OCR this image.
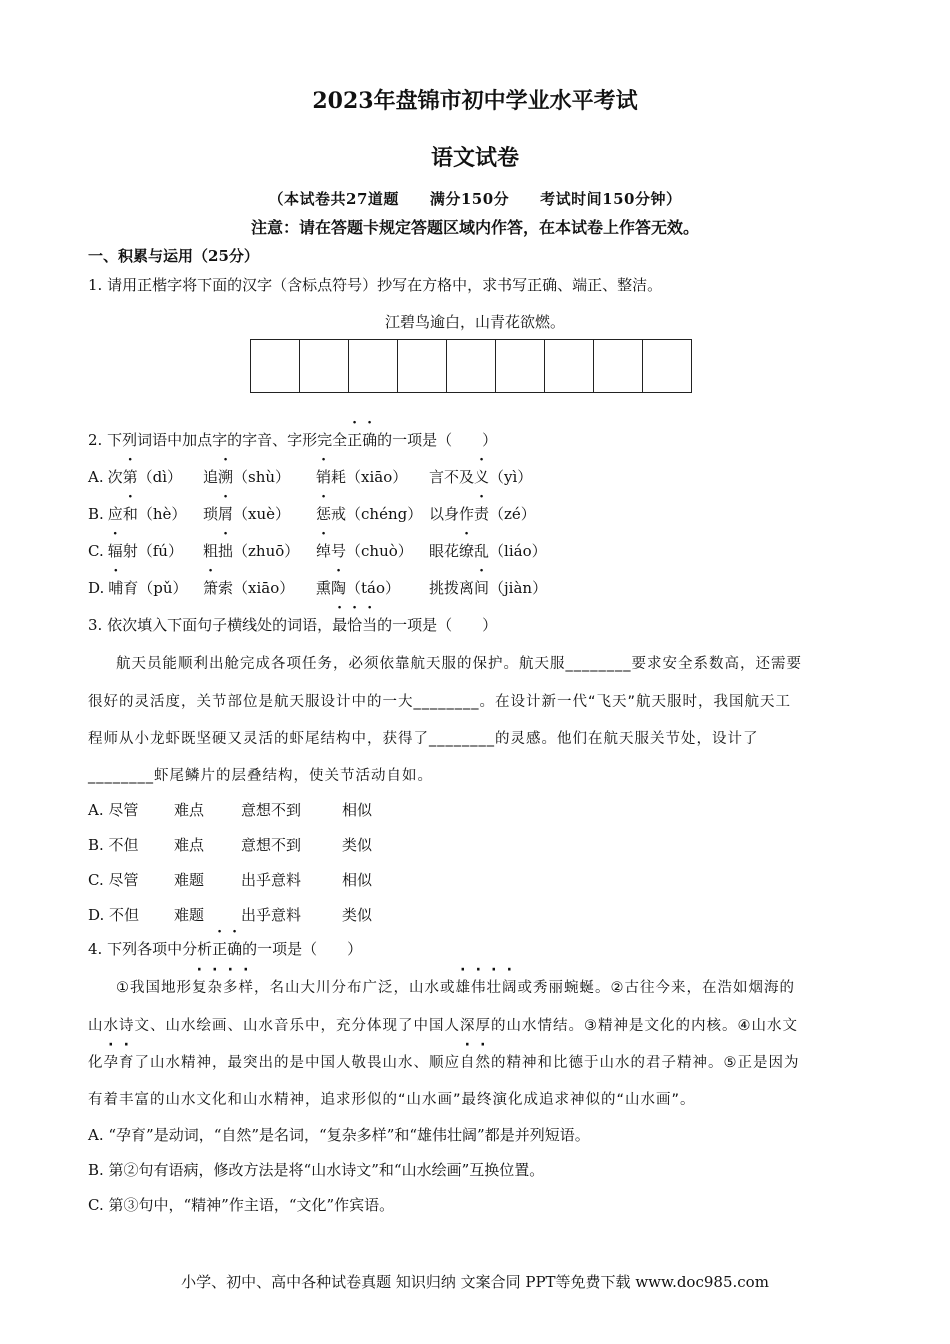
2023年盘锦市初中学业水平考试
语文试卷
（本试卷共27道题　　满分150分　　考试时间150分钟）
注意：请在答题卡规定答题区域内作答，在本试卷上作答无效。
一、积累与运用（25分）
1. 请用正楷字将下面的汉字（含标点符号）抄写在方格中，求书写正确、端正、整洁。
江碧鸟逾白，山青花欲燃。
2. 下列词语中加点字的字音、字形完全正确的一项是（　　）
A. 次第（dì） 追溯（shù） 销耗（xiāo） 言不及义（yì）
B. 应和（hè） 琐屑（xuè） 惩戒（chéng） 以身作责（zé）
C. 辐射（fú） 粗拙（zhuō） 绰号（chuò） 眼花缭乱（liáo）
D. 哺育（pǔ） 箫索（xiāo） 熏陶（táo） 挑拨离间（jiàn）
3. 依次填入下面句子横线处的词语，最恰当的一项是（　　）
航天员能顺利出舱完成各项任务，必须依靠航天服的保护。航天服________要求安全系数高，还需要
很好的灵活度，关节部位是航天服设计中的一大________。在设计新一代“飞天”航天服时，我国航天工
程师从小龙虾既坚硬又灵活的虾尾结构中，获得了________的灵感。他们在航天服关节处，设计了
________虾尾鳞片的层叠结构，使关节活动自如。
A. 尽管 难点 意想不到	相似
B. 不但 难点 意想不到	类似
C. 尽管 难题 出乎意料	相似
D. 不但 难题 出乎意料	类似
4. 下列各项中分析正确的一项是（　　）
①我国地形复杂多样，名山大川分布广泛，山水或雄伟壮阔或秀丽蜿蜒。②古往今来，在浩如烟海的
山水诗文、山水绘画、山水音乐中，充分体现了中国人深厚的山水情结。③精神是文化的内核。④山水文
化孕育了山水精神，最突出的是中国人敬畏山水、顺应自然的精神和比德于山水的君子精神。⑤正是因为
有着丰富的山水文化和山水精神，追求形似的“山水画”最终演化成追求神似的“山水画”。
A. “孕育”是动词，“自然”是名词，“复杂多样”和“雄伟壮阔”都是并列短语。
B. 第②句有语病，修改方法是将“山水诗文”和“山水绘画”互换位置。
C. 第③句中，“精神”作主语，“文化”作宾语。
小学、初中、高中各种试卷真题 知识归纳 文案合同 PPT等免费下载 www.doc985.com
